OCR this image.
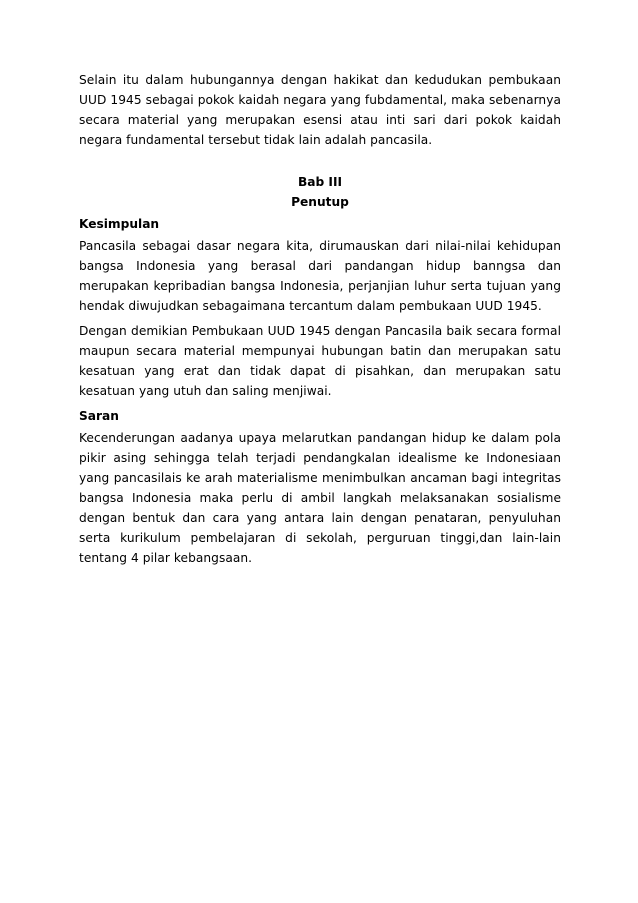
Selain itu dalam hubungannya dengan hakikat dan kedudukan pembukaan UUD 1945 sebagai pokok kaidah negara yang fubdamental, maka sebenarnya secara material yang merupakan esensi atau inti sari dari pokok kaidah negara fundamental tersebut tidak lain adalah pancasila.

Bab III
Penutup
Kesimpulan

Pancasila sebagai dasar negara kita, dirumauskan dari nilai-nilai kehidupan bangsa Indonesia yang berasal dari pandangan hidup banngsa dan merupakan kepribadian bangsa Indonesia, perjanjian luhur serta tujuan yang hendak diwujudkan sebagaimana tercantum dalam pembukaan UUD 1945.

Dengan demikian Pembukaan UUD 1945 dengan Pancasila baik secara formal maupun secara material mempunyai hubungan batin dan merupakan satu kesatuan yang erat dan tidak dapat di pisahkan, dan merupakan satu kesatuan yang utuh dan saling menjiwai.

Saran

Kecenderungan aadanya upaya melarutkan pandangan hidup ke dalam pola pikir asing sehingga telah terjadi pendangkalan idealisme ke Indonesiaan yang pancasilais ke arah materialisme menimbulkan ancaman bagi integritas bangsa Indonesia maka perlu di ambil langkah melaksanakan sosialisme dengan bentuk dan cara yang antara lain dengan penataran, penyuluhan serta kurikulum pembelajaran di sekolah, perguruan tinggi,dan lain-lain tentang 4 pilar kebangsaan.
